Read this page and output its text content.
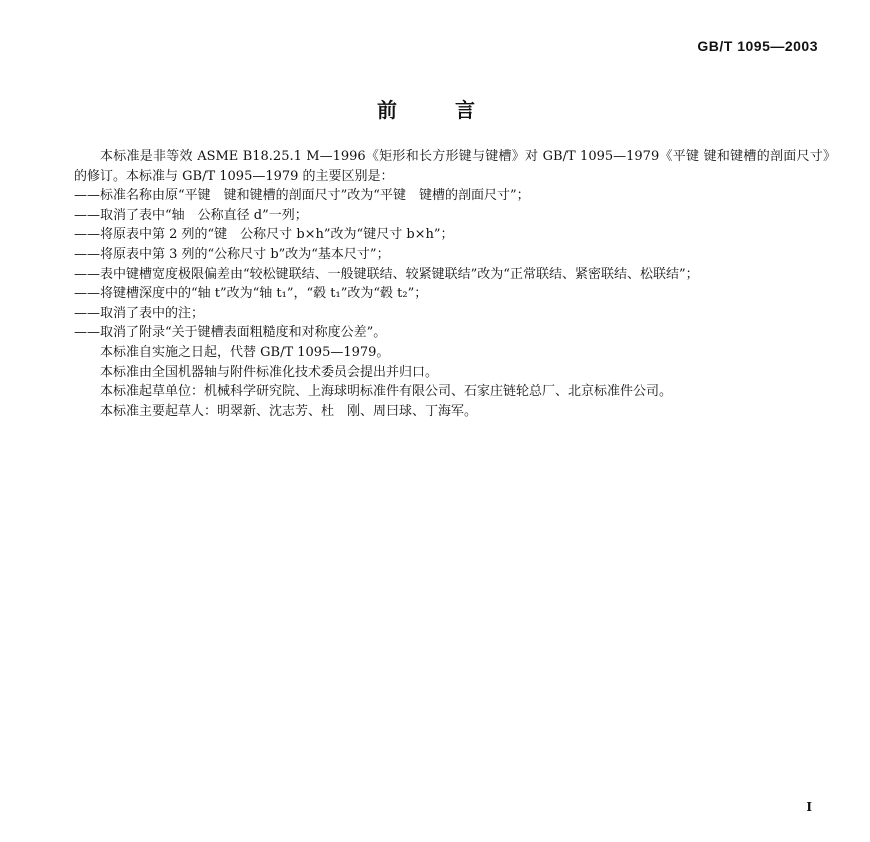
GB/T 1095—2003
前言

本标准是非等效 ASME B18.25.1 M—1996《矩形和长方形键与键槽》对 GB/T 1095—1979《平键 键和键槽的剖面尺寸》的修订。本标准与 GB/T 1095—1979 的主要区别是：

——标准名称由原“平键　键和键槽的剖面尺寸”改为“平键　键槽的剖面尺寸”；

——取消了表中“轴　公称直径 d”一列；

——将原表中第 2 列的“键　公称尺寸 b×h”改为“键尺寸 b×h”；

——将原表中第 3 列的“公称尺寸 b”改为“基本尺寸”；

——表中键槽宽度极限偏差由“较松键联结、一般键联结、较紧键联结”改为“正常联结、紧密联结、松联结”；

——将键槽深度中的“轴 t”改为“轴 t₁”，“毂 t₁”改为“毂 t₂”；

——取消了表中的注；

——取消了附录“关于键槽表面粗糙度和对称度公差”。

本标准自实施之日起，代替 GB/T 1095—1979。

本标准由全国机器轴与附件标准化技术委员会提出并归口。

本标准起草单位：机械科学研究院、上海球明标准件有限公司、石家庄链轮总厂、北京标准件公司。

本标准主要起草人：明翠新、沈志芳、杜　刚、周曰球、丁海军。

I
